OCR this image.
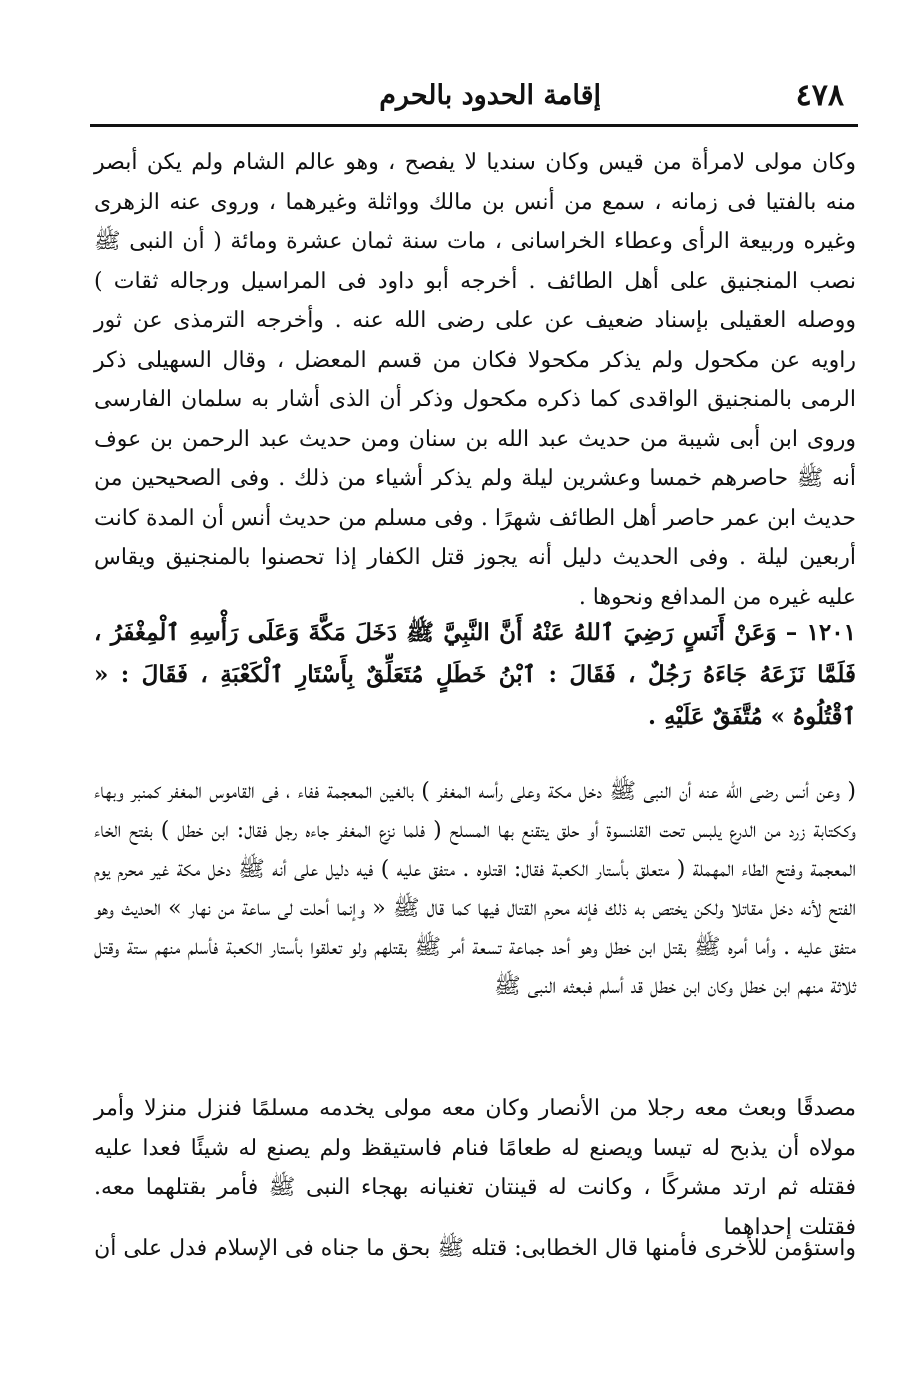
٤٧٨
إقامة الحدود بالحرم

وكان مولى لامرأة من قيس وكان سنديا لا يفصح ، وهو عالم الشام ولم يكن أبصر منه بالفتيا فى زمانه ، سمع من أنس بن مالك وواثلة وغيرهما ، وروى عنه الزهرى وغيره وربيعة الرأى وعطاء الخراسانى ، مات سنة ثمان عشرة ومائة ( أن النبى ﷺ نصب المنجنيق على أهل الطائف . أخرجه أبو داود فى المراسيل ورجاله ثقات ) ووصله العقيلى بإسناد ضعيف عن على رضى الله عنه . وأخرجه الترمذى عن ثور راويه عن مكحول ولم يذكر مكحولا فكان من قسم المعضل ، وقال السهيلى ذكر الرمى بالمنجنيق الواقدى كما ذكره مكحول وذكر أن الذى أشار به سلمان الفارسى وروى ابن أبى شيبة من حديث عبد الله بن سنان ومن حديث عبد الرحمن بن عوف أنه ﷺ حاصرهم خمسا وعشرين ليلة ولم يذكر أشياء من ذلك . وفى الصحيحين من حديث ابن عمر حاصر أهل الطائف شهرًا . وفى مسلم من حديث أنس أن المدة كانت أربعين ليلة . وفى الحديث دليل أنه يجوز قتل الكفار إذا تحصنوا بالمنجنيق ويقاس عليه غيره من المدافع ونحوها .

١٢٠١ – وَعَنْ أَنَسٍ رَضِيَ ٱللهُ عَنْهُ أَنَّ النَّبِيَّ ﷺ دَخَلَ مَكَّةَ وَعَلَى رَأْسِهِ ٱلْمِغْفَرُ ، فَلَمَّا نَزَعَهُ جَاءَهُ رَجُلٌ ، فَقَالَ : ٱبْنُ خَطَلٍ مُتَعَلِّقٌ بِأَسْتَارِ ٱلْكَعْبَةِ ، فَقَالَ : « ٱقْتُلُوهُ » مُتَّفَقٌ عَلَيْهِ .

( وعن أنس رضى الله عنه أن النبى ﷺ دخل مكة وعلى رأسه المغفر ) بالغين المعجمة ففاء ، فى القاموس المغفر كمنبر وبهاء وككتابة زرد من الدرع يلبس تحت القلنسوة أو حلق يتقنع بها المسلح ( فلما نزع المغفر جاءه رجل فقال: ابن خطل ) بفتح الخاء المعجمة وفتح الطاء المهملة ( متعلق بأستار الكعبة فقال: اقتلوه . متفق عليه ) فيه دليل على أنه ﷺ دخل مكة غير محرم يوم الفتح لأنه دخل مقاتلا ولكن يختص به ذلك فإنه محرم القتال فيها كما قال ﷺ « وإنما أحلت لى ساعة من نهار » الحديث وهو متفق عليه . وأما أمره ﷺ بقتل ابن خطل وهو أحد جماعة تسعة أمر ﷺ بقتلهم ولو تعلقوا بأستار الكعبة فأسلم منهم ستة وقتل ثلاثة منهم ابن خطل وكان ابن خطل قد أسلم فبعثه النبى ﷺ

مصدقًا وبعث معه رجلا من الأنصار وكان معه مولى يخدمه مسلمًا فنزل منزلا وأمر مولاه أن يذبح له تيسا ويصنع له طعامًا فنام فاستيقظ ولم يصنع له شيئًا فعدا عليه فقتله ثم ارتد مشركًا ، وكانت له قينتان تغنيانه بهجاء النبى ﷺ فأمر بقتلهما معه. فقتلت إحداهما

واستؤمن للأخرى فأمنها قال الخطابى: قتله ﷺ بحق ما جناه فى الإسلام فدل على أن
